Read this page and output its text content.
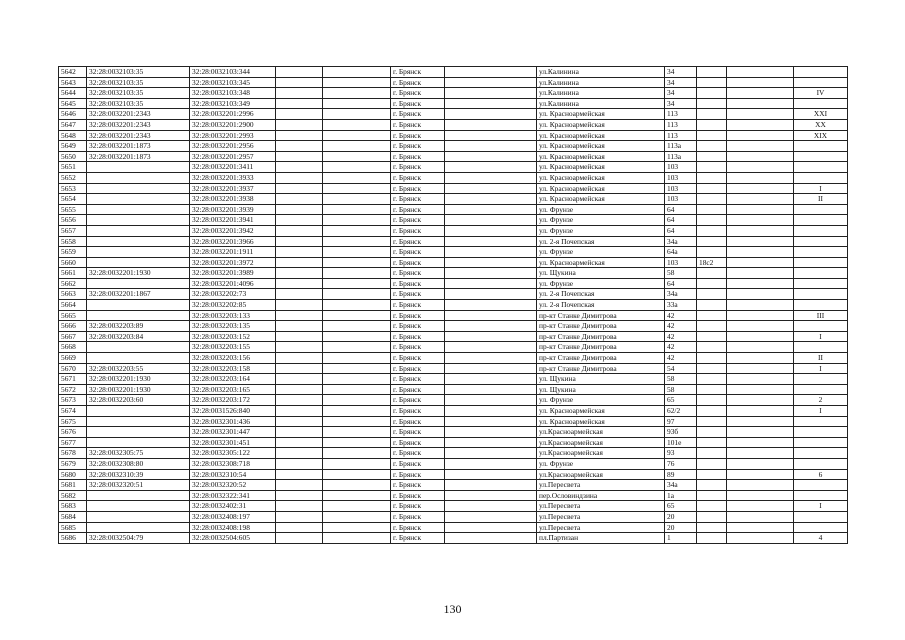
5642	32:28:0032103:35	32:28:0032103:344			г. Брянск		ул.Калинина	34			
5643	32:28:0032103:35	32:28:0032103:345			г. Брянск		ул.Калинина	34			
5644	32:28:0032103:35	32:28:0032103:348			г. Брянск		ул.Калинина	34			IV
5645	32:28:0032103:35	32:28:0032103:349			г. Брянск		ул.Калинина	34			
5646	32:28:0032201:2343	32:28:0032201:2996			г. Брянск		ул. Красноармейская	113			XXI
5647	32:28:0032201:2343	32:28:0032201:2900			г. Брянск		ул. Красноармейская	113			XX
5648	32:28:0032201:2343	32:28:0032201:2993			г. Брянск		ул. Красноармейская	113			XIX
5649	32:28:0032201:1873	32:28:0032201:2956			г. Брянск		ул. Красноармейская	113а			
5650	32:28:0032201:1873	32:28:0032201:2957			г. Брянск		ул. Красноармейская	113а			
5651		32:28:0032201:3411			г. Брянск		ул. Красноармейская	103			
5652		32:28:0032201:3933			г. Брянск		ул. Красноармейская	103			
5653		32:28:0032201:3937			г. Брянск		ул. Красноармейская	103			I
5654		32:28:0032201:3938			г. Брянск		ул. Красноармейская	103			II
5655		32:28:0032201:3939			г. Брянск		ул. Фрунзе	64			
5656		32:28:0032201:3941			г. Брянск		ул. Фрунзе	64			
5657		32:28:0032201:3942			г. Брянск		ул. Фрунзе	64			
5658		32:28:0032201:3966			г. Брянск		ул. 2-я Почепская	34а			
5659		32:28:0032201:1911			г. Брянск		ул. Фрунзе	64а			
5660		32:28:0032201:3972			г. Брянск		ул. Красноармейская	103	18с2		
5661	32:28:0032201:1930	32:28:0032201:3989			г. Брянск		ул. Щукина	58			
5662		32:28:0032201:4096			г. Брянск		ул. Фрунзе	64			
5663	32:28:0032201:1867	32:28:0032202:73			г. Брянск		ул. 2-я Почепская	34а			
5664		32:28:0032202:85			г. Брянск		ул. 2-я Почепская	33а			
5665		32:28:0032203:133			г. Брянск		пр-кт Станке Димитрова	42			III
5666	32:28:0032203:89	32:28:0032203:135			г. Брянск		пр-кт Станке Димитрова	42			
5667	32:28:0032203:84	32:28:0032203:152			г. Брянск		пр-кт Станке Димитрова	42			I
5668		32:28:0032203:155			г. Брянск		пр-кт Станке Димитрова	42			
5669		32:28:0032203:156			г. Брянск		пр-кт Станке Димитрова	42			II
5670	32:28:0032203:55	32:28:0032203:158			г. Брянск		пр-кт Станке Димитрова	54			I
5671	32:28:0032201:1930	32:28:0032203:164			г. Брянск		ул. Щукина	58			
5672	32:28:0032201:1930	32:28:0032203:165			г. Брянск		ул. Щукина	58			
5673	32:28:0032203:60	32:28:0032203:172			г. Брянск		ул. Фрунзе	65			2
5674		32:28:0031526:840			г. Брянск		ул. Красноармейская	62/2			I
5675		32:28:0032301:436			г. Брянск		ул. Красноармейская	97			
5676		32:28:0032301:447			г. Брянск		ул.Красноармейская	93б			
5677		32:28:0032301:451			г. Брянск		ул.Красноармейская	101е			
5678	32:28:0032305:75	32:28:0032305:122			г. Брянск		ул.Красноармейская	93			
5679	32:28:0032308:80	32:28:0032308:718			г. Брянск		ул. Фрунзе	76			
5680	32:28:0032310:39	32:28:0032310:54			г. Брянск		ул.Красноармейская	89			6
5681	32:28:0032320:51	32:28:0032320:52			г. Брянск		ул.Пересвета	34а			
5682		32:28:0032322:341			г. Брянск		пер.Ословиндзина	1а			
5683		32:28:0032402:31			г. Брянск		ул.Пересвета	65			I
5684		32:28:0032408:197			г. Брянск		ул.Пересвета	20			
5685		32:28:0032408:198			г. Брянск		ул.Пересвета	20			
5686	32:28:0032504:79	32:28:0032504:605			г. Брянск		пл.Партизан	1			4
130
